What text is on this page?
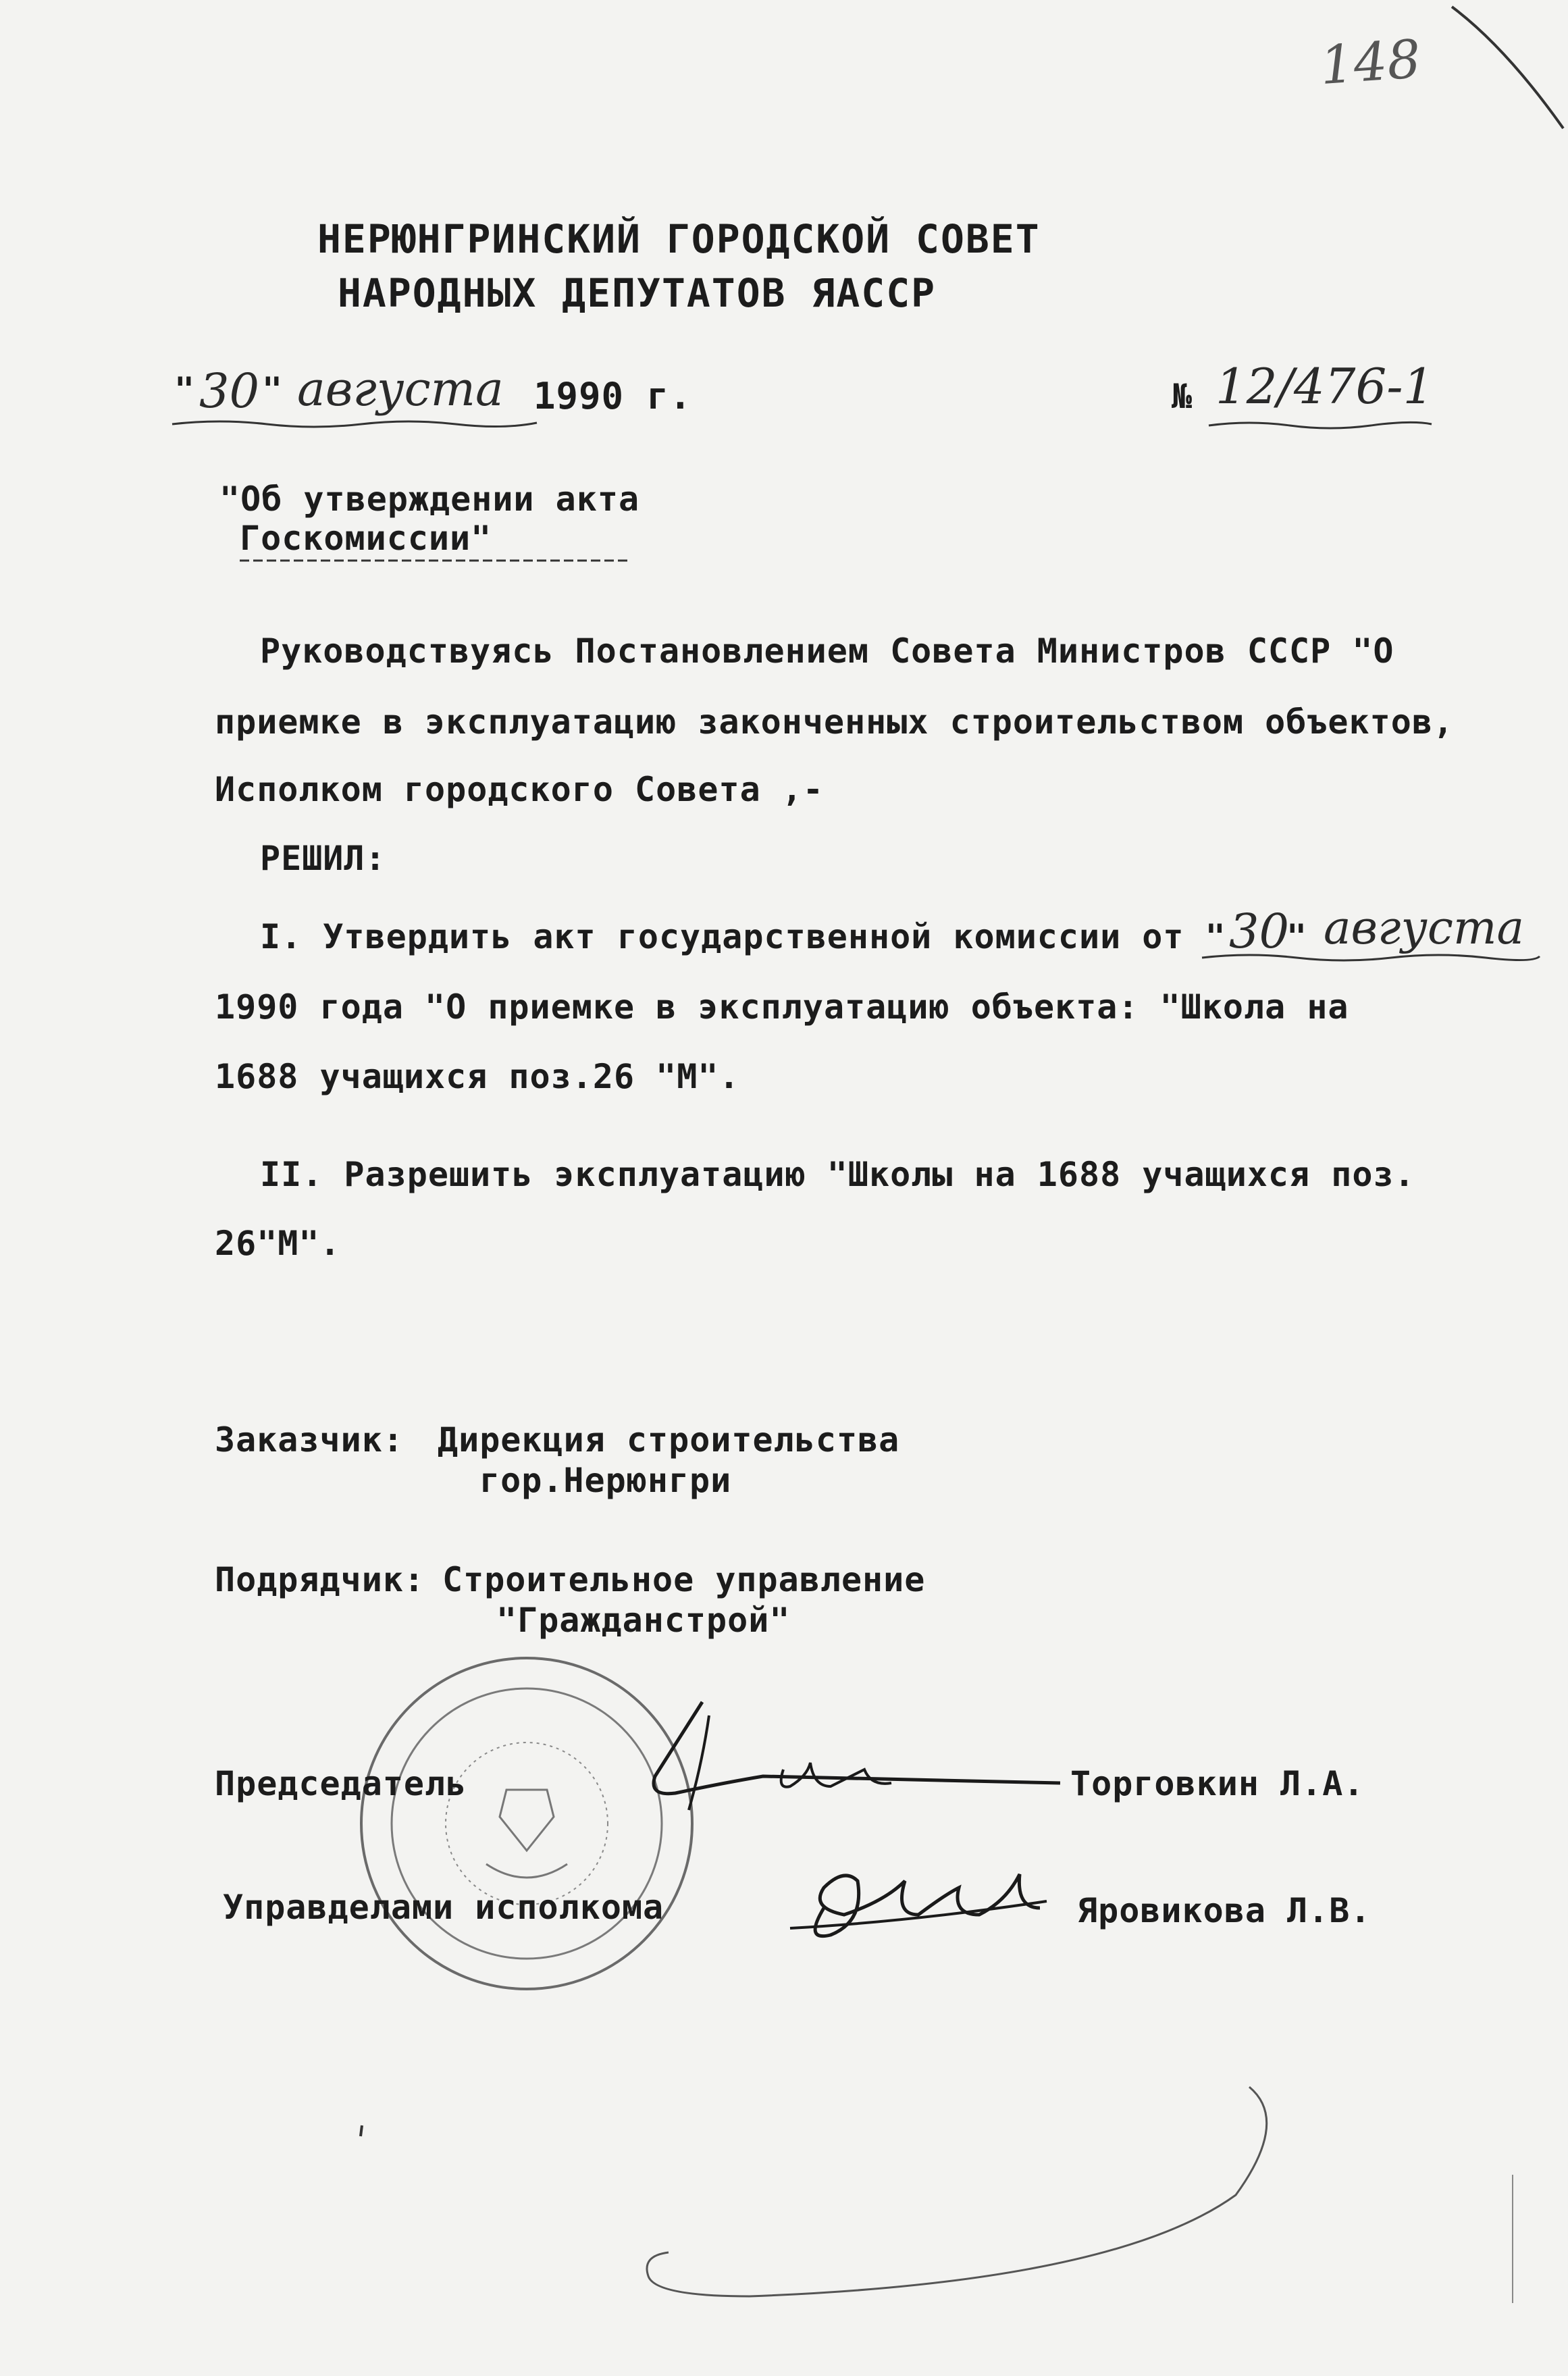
148
НЕРЮНГРИНСКИЙ ГОРОДСКОЙ СОВЕТ
НАРОДНЫХ ДЕПУТАТОВ ЯАССР
" 30 " августа 1990 г.	№ 12/476-1
"Об утверждении акта
Госкомиссии"
Руководствуясь Постановлением Совета Министров СССР "О
приемке в эксплуатацию законченных строительством объектов,
Исполком городского Совета ,-
РЕШИЛ:
I. Утвердить акт государственной комиссии от " 30
" августа
1990 года "О приемке в эксплуатацию объекта: "Школа на
1688 учащихся поз.26 "М".
II. Разрешить эксплуатацию "Школы на 1688 учащихся поз.
26"М".
Заказчик: Дирекция строительства
гор.Нерюнгри
Подрядчик: Строительное управление
"Гражданстрой"
Председатель	Торговкин Л.А.
Управделами исполкома	Яровикова Л.В.
